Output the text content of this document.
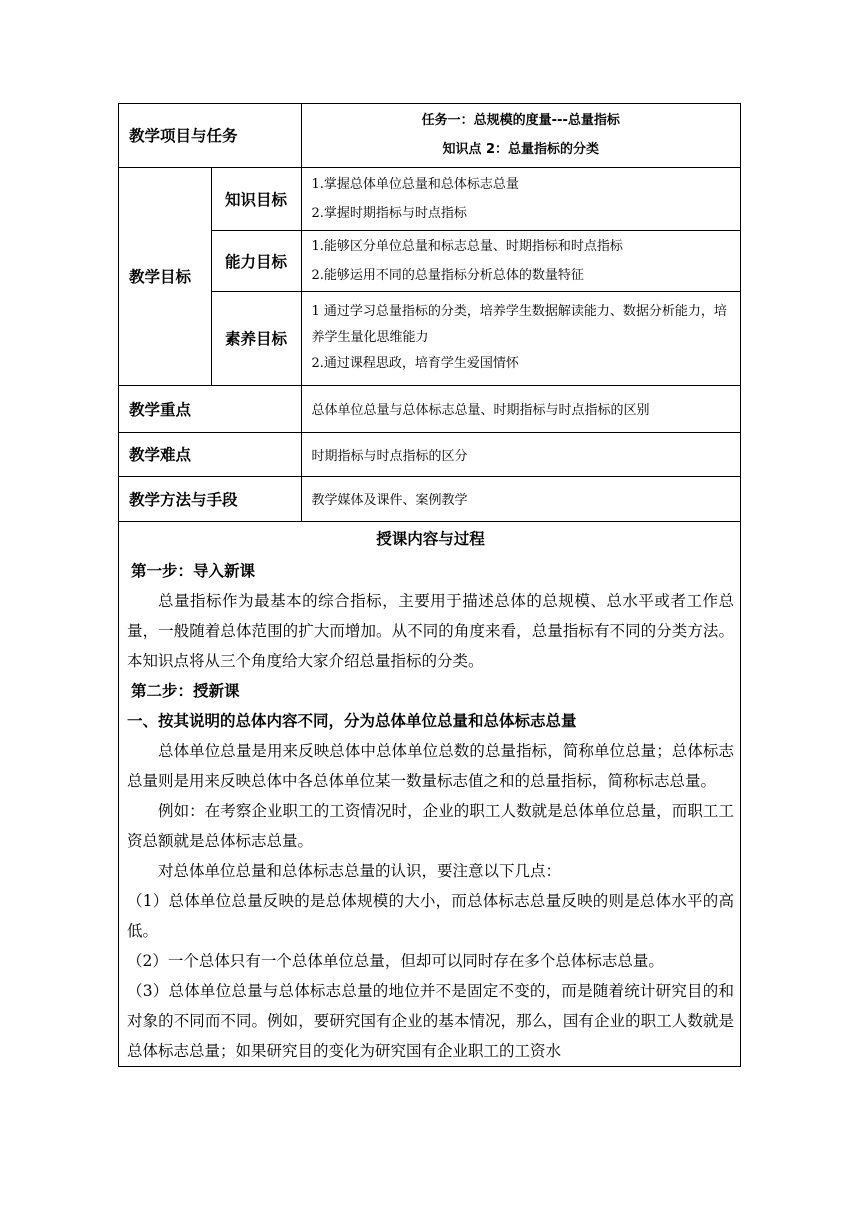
教学项目与任务		任务一：总规模的度量---总量指标
知识点 2：总量指标的分类

教学目标	知识目标	1.掌握总体单位总量和总体标志总量
2.掌握时期指标与时点指标

	能力目标	1.能够区分单位总量和标志总量、时期指标和时点指标
2.能够运用不同的总量指标分析总体的数量特征

	素养目标	1 通过学习总量指标的分类，培养学生数据解读能力、数据分析能力，培养学生量化思维能力
2.通过课程思政，培育学生爱国情怀

教学重点		总体单位总量与总体标志总量、时期指标与时点指标的区别
教学难点		时期指标与时点指标的区分
教学方法与手段		教学媒体及课件、案例教学
授课内容与过程
第一步：导入新课

总量指标作为最基本的综合指标，主要用于描述总体的总规模、总水平或者工作总量，一般随着总体范围的扩大而增加。从不同的角度来看，总量指标有不同的分类方法。本知识点将从三个角度给大家介绍总量指标的分类。

第二步：授新课
一、按其说明的总体内容不同，分为总体单位总量和总体标志总量

总体单位总量是用来反映总体中总体单位总数的总量指标，简称单位总量；总体标志总量则是用来反映总体中各总体单位某一数量标志值之和的总量指标，简称标志总量。

例如：在考察企业职工的工资情况时，企业的职工人数就是总体单位总量，而职工工资总额就是总体标志总量。

对总体单位总量和总体标志总量的认识，要注意以下几点：

（1）总体单位总量反映的是总体规模的大小，而总体标志总量反映的则是总体水平的高低。

（2）一个总体只有一个总体单位总量，但却可以同时存在多个总体标志总量。

（3）总体单位总量与总体标志总量的地位并不是固定不变的，而是随着统计研究目的和对象的不同而不同。例如，要研究国有企业的基本情况，那么，国有企业的职工人数就是总体标志总量；如果研究目的变化为研究国有企业职工的工资水
